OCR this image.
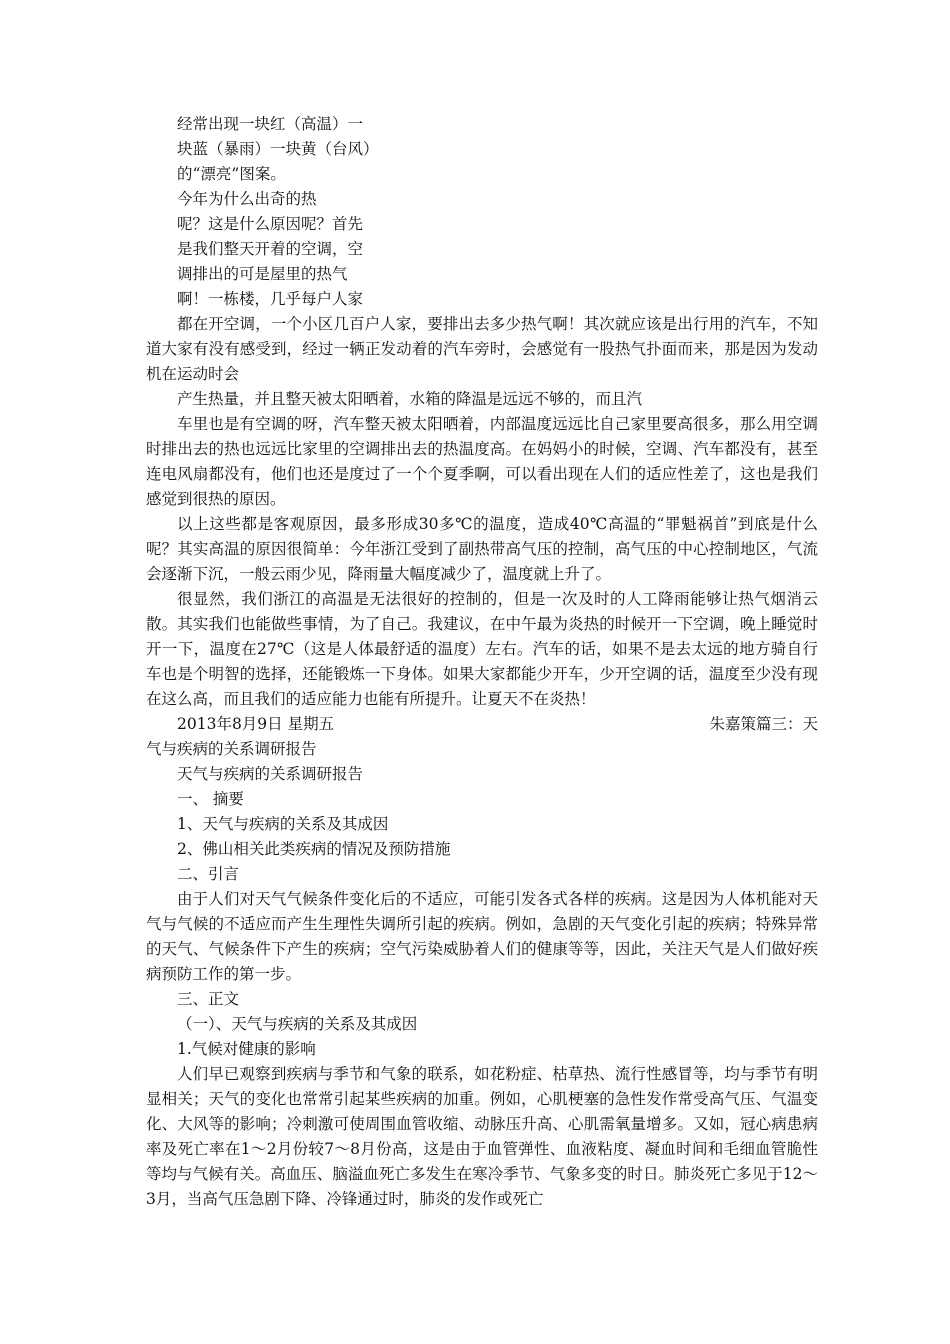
经常出现一块红（高温）一

块蓝（暴雨）一块黄（台风）

的“漂亮”图案。

今年为什么出奇的热

呢？这是什么原因呢？首先

是我们整天开着的空调，空

调排出的可是屋里的热气

啊！一栋楼，几乎每户人家

都在开空调，一个小区几百户人家，要排出去多少热气啊！其次就应该是出行用的汽车，不知道大家有没有感受到，经过一辆正发动着的汽车旁时，会感觉有一股热气扑面而来，那是因为发动机在运动时会

产生热量，并且整天被太阳晒着，水箱的降温是远远不够的，而且汽

车里也是有空调的呀，汽车整天被太阳晒着，内部温度远远比自己家里要高很多，那么用空调时排出去的热也远远比家里的空调排出去的热温度高。在妈妈小的时候，空调、汽车都没有，甚至连电风扇都没有，他们也还是度过了一个个夏季啊，可以看出现在人们的适应性差了，这也是我们感觉到很热的原因。

以上这些都是客观原因，最多形成30多℃的温度，造成40℃高温的“罪魁祸首”到底是什么呢？其实高温的原因很简单：今年浙江受到了副热带高气压的控制，高气压的中心控制地区，气流会逐渐下沉，一般云雨少见，降雨量大幅度减少了，温度就上升了。

很显然，我们浙江的高温是无法很好的控制的，但是一次及时的人工降雨能够让热气烟消云散。其实我们也能做些事情，为了自己。我建议，在中午最为炎热的时候开一下空调，晚上睡觉时开一下，温度在27℃（这是人体最舒适的温度）左右。汽车的话，如果不是去太远的地方骑自行车也是个明智的选择，还能锻炼一下身体。如果大家都能少开车，少开空调的话，温度至少没有现在这么高，而且我们的适应能力也能有所提升。让夏天不在炎热！

2013年8月9日 星期五	朱嘉策篇三：天

气与疾病的关系调研报告

天气与疾病的关系调研报告

一、 摘要

1、天气与疾病的关系及其成因

2、佛山相关此类疾病的情况及预防措施

二、引言

由于人们对天气气候条件变化后的不适应，可能引发各式各样的疾病。这是因为人体机能对天气与气候的不适应而产生生理性失调所引起的疾病。例如，急剧的天气变化引起的疾病；特殊异常的天气、气候条件下产生的疾病；空气污染威胁着人们的健康等等，因此，关注天气是人们做好疾病预防工作的第一步。

三、正文

（一）、天气与疾病的关系及其成因

1.气候对健康的影响

人们早已观察到疾病与季节和气象的联系，如花粉症、枯草热、流行性感冒等，均与季节有明显相关；天气的变化也常常引起某些疾病的加重。例如，心肌梗塞的急性发作常受高气压、气温变化、大风等的影响；冷刺激可使周围血管收缩、动脉压升高、心肌需氧量增多。又如，冠心病患病率及死亡率在1～2月份较7～8月份高，这是由于血管弹性、血液粘度、凝血时间和毛细血管脆性等均与气候有关。高血压、脑溢血死亡多发生在寒冷季节、气象多变的时日。肺炎死亡多见于12～3月，当高气压急剧下降、冷锋通过时，肺炎的发作或死亡
